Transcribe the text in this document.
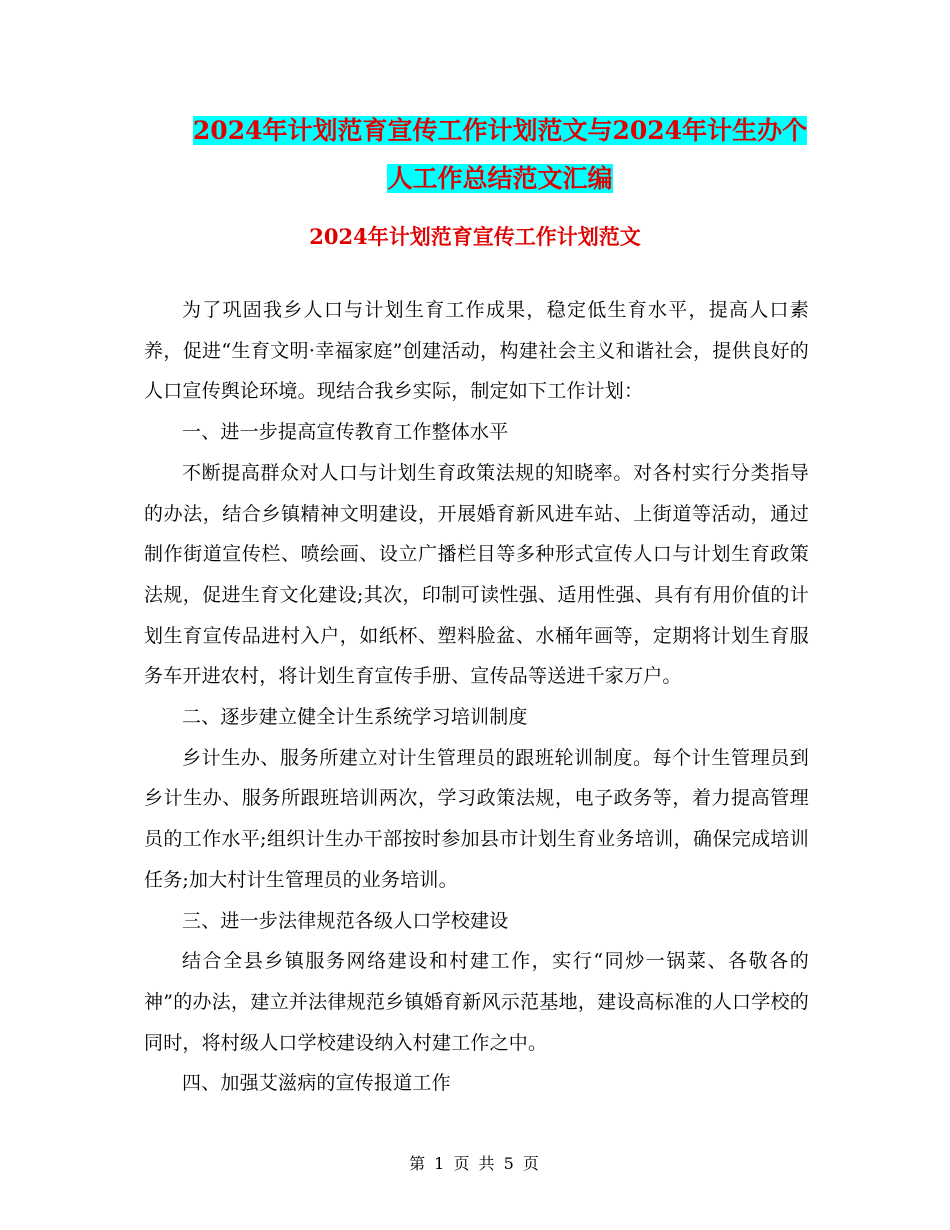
2024年计划范育宣传工作计划范文与2024年计生办个
人工作总结范文汇编
2024年计划范育宣传工作计划范文

为了巩固我乡人口与计划生育工作成果，稳定低生育水平，提高人口素养，促进“生育文明·幸福家庭”创建活动，构建社会主义和谐社会，提供良好的人口宣传舆论环境。现结合我乡实际，制定如下工作计划：

一、进一步提高宣传教育工作整体水平

不断提高群众对人口与计划生育政策法规的知晓率。对各村实行分类指导的办法，结合乡镇精神文明建设，开展婚育新风进车站、上街道等活动，通过制作街道宣传栏、喷绘画、设立广播栏目等多种形式宣传人口与计划生育政策法规，促进生育文化建设;其次，印制可读性强、适用性强、具有有用价值的计划生育宣传品进村入户，如纸杯、塑料脸盆、水桶年画等，定期将计划生育服务车开进农村，将计划生育宣传手册、宣传品等送进千家万户。

二、逐步建立健全计生系统学习培训制度

乡计生办、服务所建立对计生管理员的跟班轮训制度。每个计生管理员到乡计生办、服务所跟班培训两次，学习政策法规，电子政务等，着力提高管理员的工作水平;组织计生办干部按时参加县市计划生育业务培训，确保完成培训任务;加大村计生管理员的业务培训。

三、进一步法律规范各级人口学校建设

结合全县乡镇服务网络建设和村建工作，实行“同炒一锅菜、各敬各的神”的办法，建立并法律规范乡镇婚育新风示范基地，建设高标准的人口学校的同时，将村级人口学校建设纳入村建工作之中。

四、加强艾滋病的宣传报道工作

第 1 页 共 5 页
